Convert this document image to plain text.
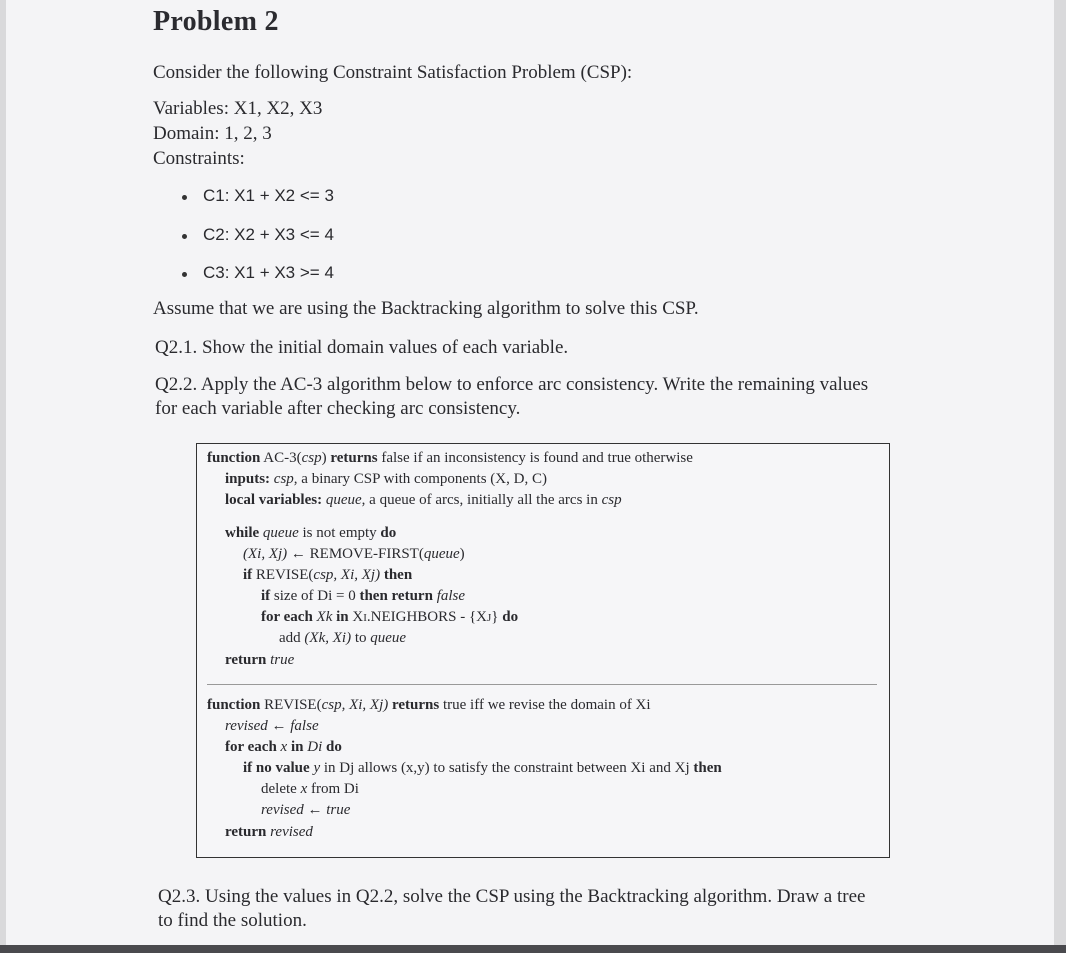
Problem 2
Consider the following Constraint Satisfaction Problem (CSP):
Variables: X1, X2, X3
Domain: 1, 2, 3
Constraints:
C1: X1 + X2 <= 3
C2: X2 + X3 <= 4
C3: X1 + X3 >= 4
Assume that we are using the Backtracking algorithm to solve this CSP.
Q2.1. Show the initial domain values of each variable.
Q2.2. Apply the AC-3 algorithm below to enforce arc consistency. Write the remaining values
for each variable after checking arc consistency.
function AC-3(csp) returns false if an inconsistency is found and true otherwise
inputs: csp, a binary CSP with components (X, D, C)
local variables: queue, a queue of arcs, initially all the arcs in csp
while queue is not empty do
(Xi, Xj) ← REMOVE-FIRST(queue)
if REVISE(csp, Xi, Xj) then
if size of Di = 0 then return false
for each Xk in Xi.NEIGHBORS - {Xj} do
add (Xk, Xi) to queue
return true
function REVISE(csp, Xi, Xj) returns true iff we revise the domain of Xi
revised ← false
for each x in Di do
if no value y in Dj allows (x,y) to satisfy the constraint between Xi and Xj then
delete x from Di
revised ← true
return revised
Q2.3. Using the values in Q2.2, solve the CSP using the Backtracking algorithm. Draw a tree
to find the solution.
